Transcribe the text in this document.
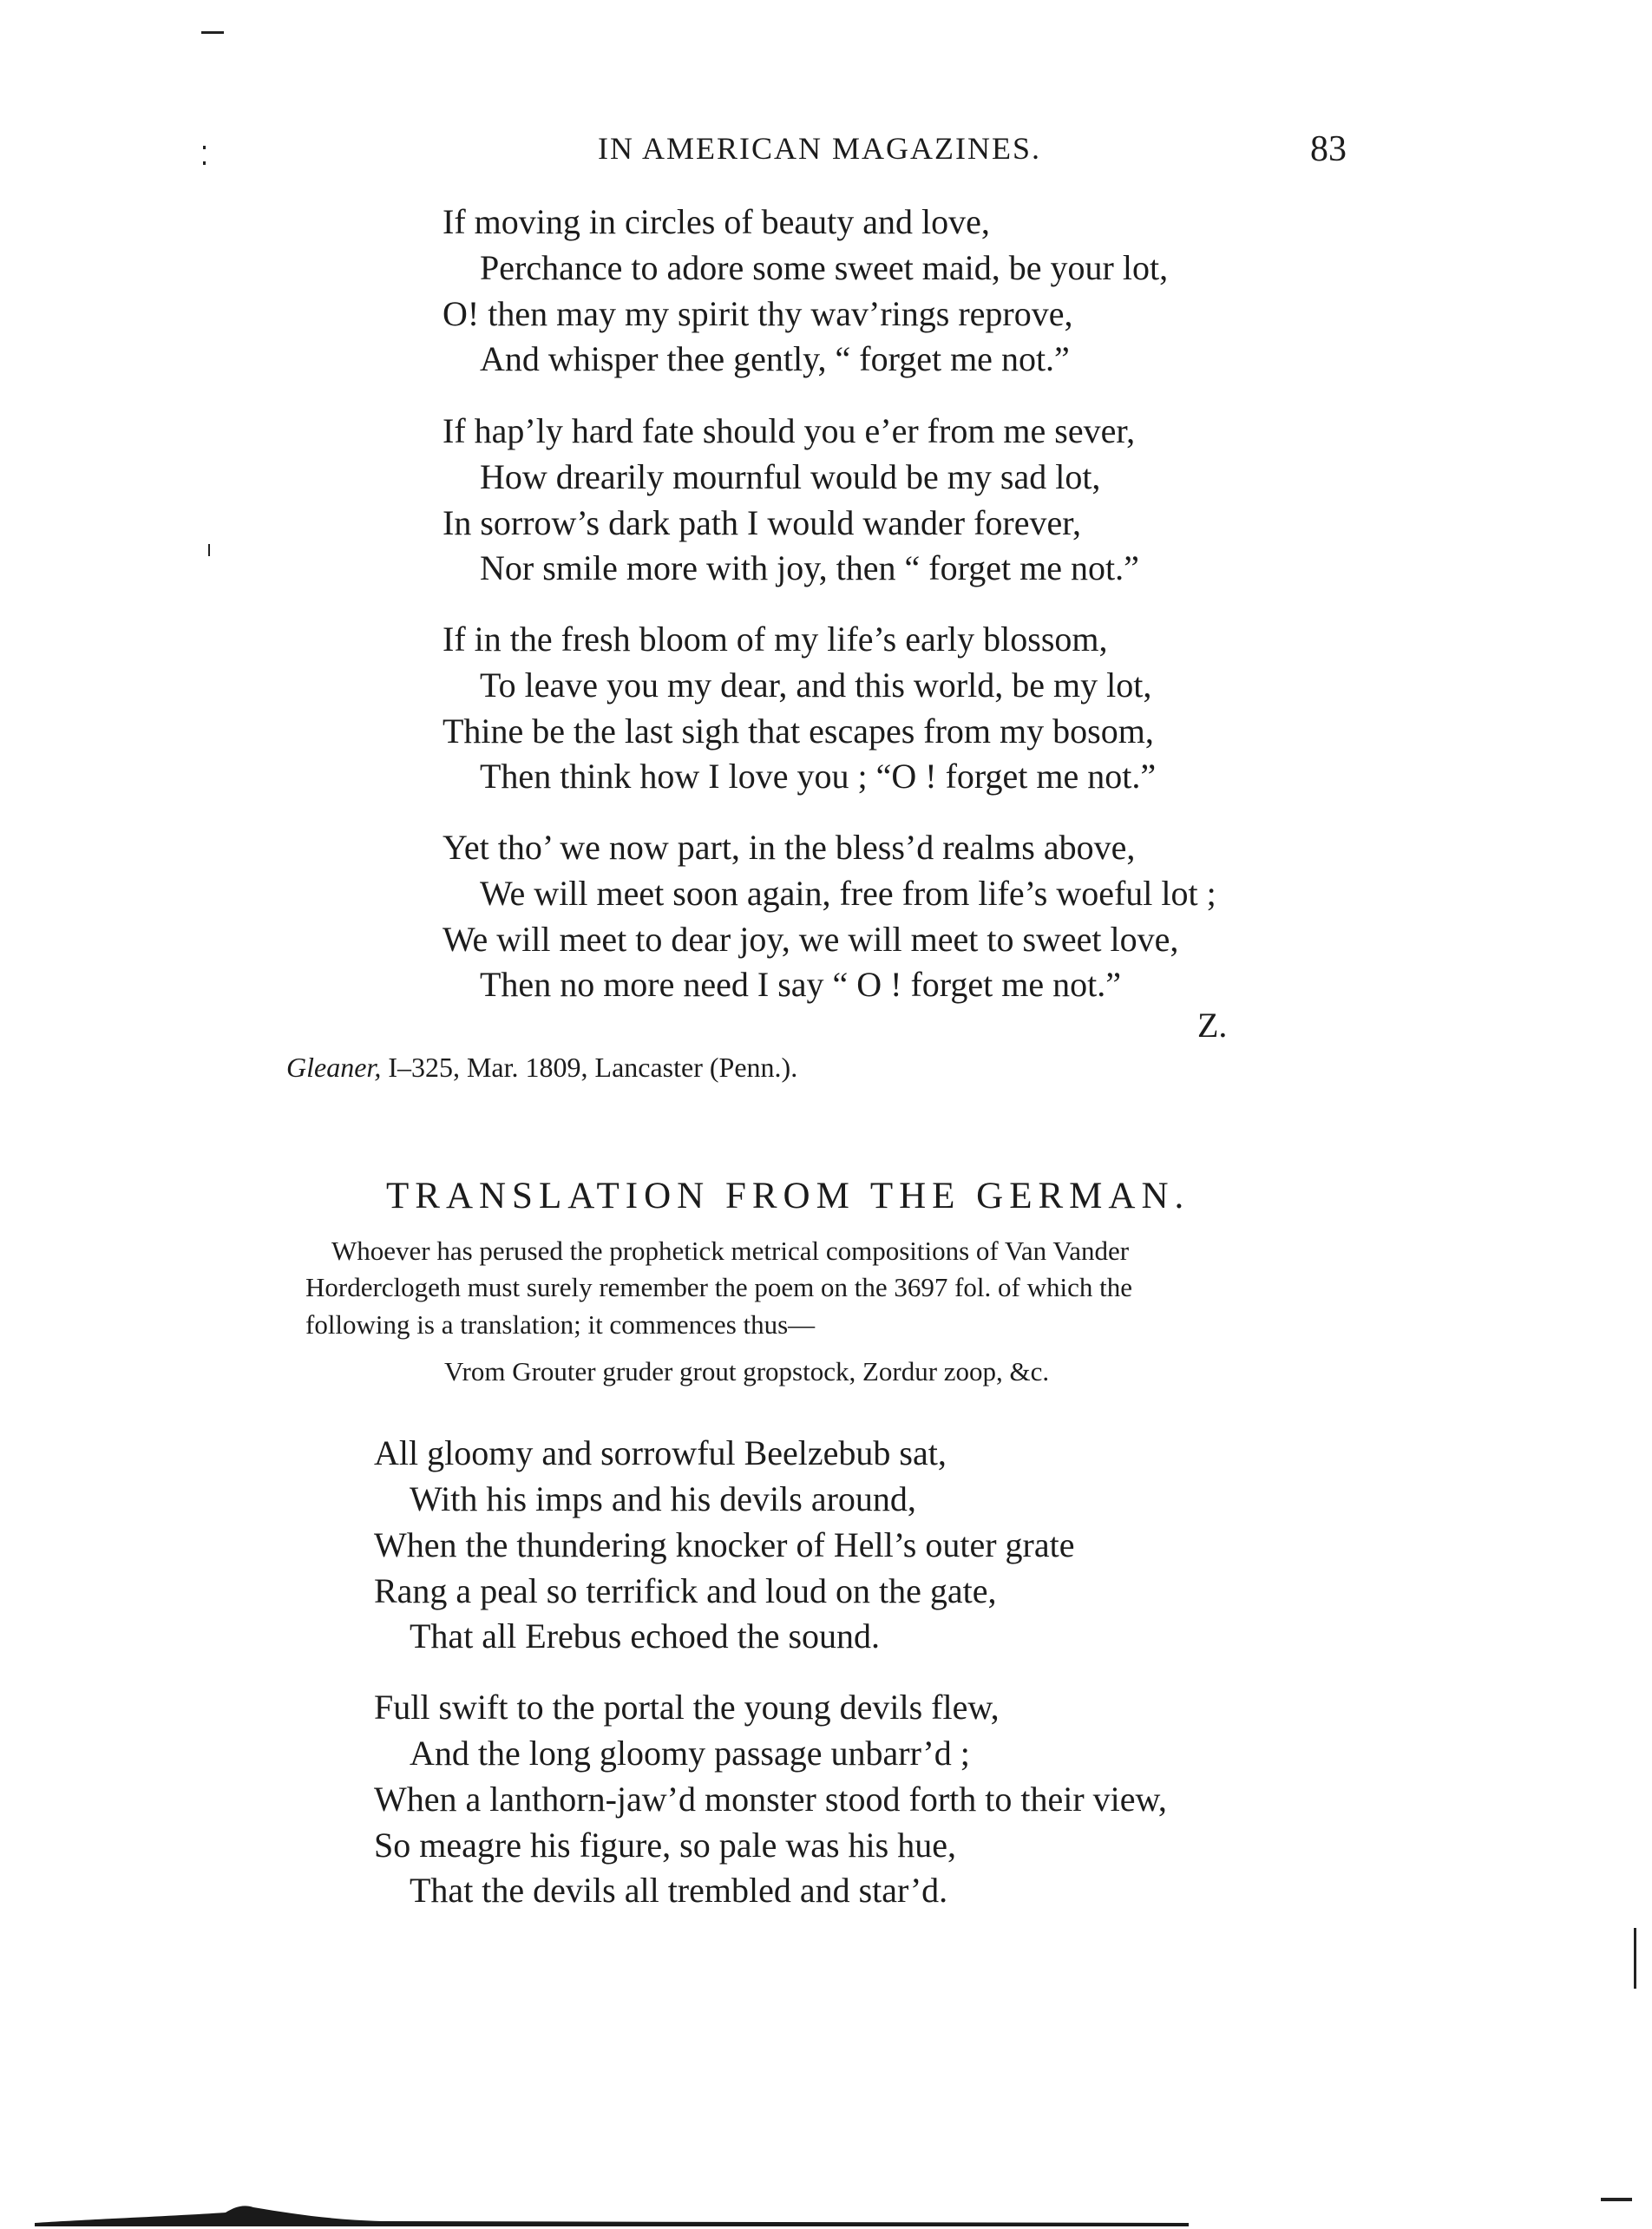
IN AMERICAN MAGAZINES.	83
If moving in circles of beauty and love,
Perchance to adore some sweet maid, be your lot,
O! then may my spirit thy wav’rings reprove,
And whisper thee gently, “ forget me not.”
If hap’ly hard fate should you e’er from me sever,
How drearily mournful would be my sad lot,
In sorrow’s dark path I would wander forever,
Nor smile more with joy, then “ forget me not.”
If in the fresh bloom of my life’s early blossom,
To leave you my dear, and this world, be my lot,
Thine be the last sigh that escapes from my bosom,
Then think how I love you ; “O ! forget me not.”
Yet tho’ we now part, in the bless’d realms above,
We will meet soon again, free from life’s woeful lot ;
We will meet to dear joy, we will meet to sweet love,
Then no more need I say “ O ! forget me not.”
Z.
Gleaner, I–325, Mar. 1809, Lancaster (Penn.).
TRANSLATION FROM THE GERMAN.
Whoever has perused the prophetick metrical compositions of Van Vander
Horderclogeth must surely remember the poem on the 3697 fol. of which the
following is a translation; it commences thus—
Vrom Grouter gruder grout gropstock, Zordur zoop, &c.
All gloomy and sorrowful Beelzebub sat,
With his imps and his devils around,
When the thundering knocker of Hell’s outer grate
Rang a peal so terrifick and loud on the gate,
That all Erebus echoed the sound.
Full swift to the portal the young devils flew,
And the long gloomy passage unbarr’d ;
When a lanthorn-jaw’d monster stood forth to their view,
So meagre his figure, so pale was his hue,
That the devils all trembled and star’d.
